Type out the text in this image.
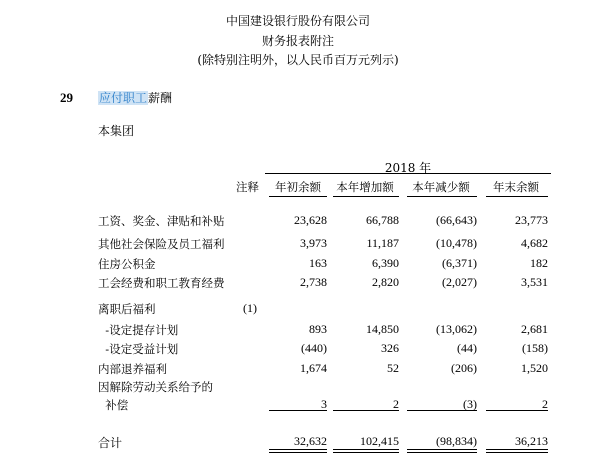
中国建设银行股份有限公司
财务报表附注
(除特别注明外，以人民币百万元列示)
29 应付职工薪酬
本集团
2018 年
注释	年初余额	本年增加额	本年减少额	年末余额
工资、奖金、津贴和补贴	23,628	66,788	(66,643)	23,773
其他社会保险及员工福利	3,973	11,187	(10,478)	4,682
住房公积金	163	6,390	(6,371)	182
工会经费和职工教育经费	2,738	2,820	(2,027)	3,531
离职后福利	(1)
-设定提存计划	893	14,850	(13,062)	2,681
-设定受益计划	(440)	326	(44)	(158)
内部退养福利	1,674	52	(206)	1,520
因解除劳动关系给予的
补偿	3	2	(3)	2
合计	32,632	102,415	(98,834)	36,213
